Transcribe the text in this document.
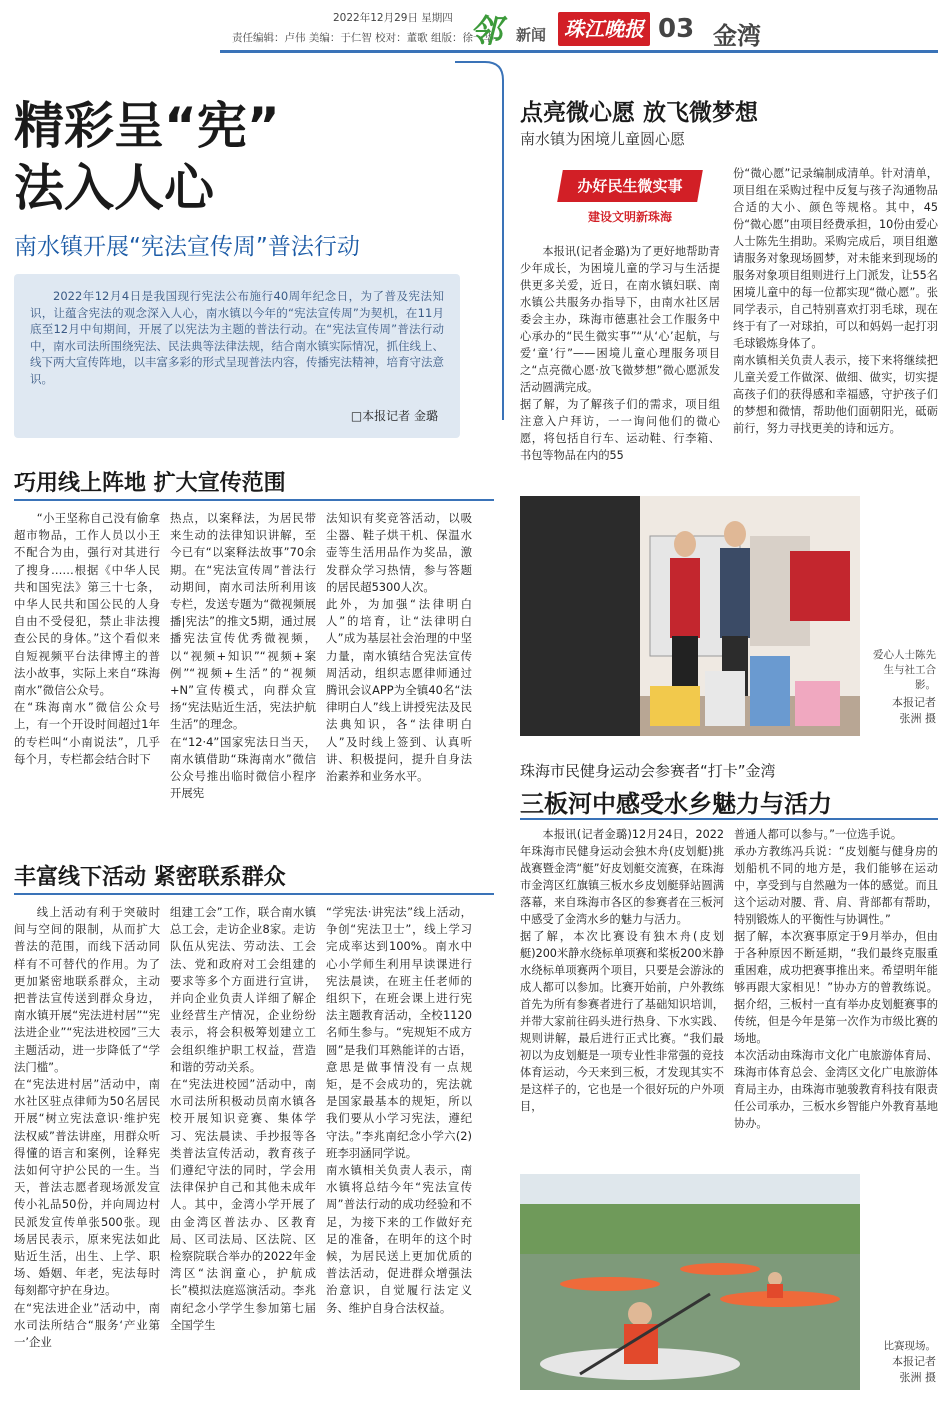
2022年12月29日 星期四
责任编辑：卢伟 美编：于仁智 校对：董歌 组版：徐一华
邻 新闻 珠江晚报 03 金湾
精彩呈“宪”
法入人心
南水镇开展“宪法宣传周”普法行动

2022年12月4日是我国现行宪法公布施行40周年纪念日，为了普及宪法知识，让蕴含宪法的观念深入人心，南水镇以今年的“宪法宣传周”为契机，在11月底至12月中旬期间，开展了以宪法为主题的普法行动。在“宪法宣传周”普法行动中，南水司法所围绕宪法、民法典等法律法规，结合南水镇实际情况，抓住线上、线下两大宣传阵地，以丰富多彩的形式呈现普法内容，传播宪法精神，培育守法意识。

□本报记者 金璐
巧用线上阵地 扩大宣传范围

“小王坚称自己没有偷拿超市物品，工作人员以小王不配合为由，强行对其进行了搜身……根据《中华人民共和国宪法》第三十七条，中华人民共和国公民的人身自由不受侵犯，禁止非法搜查公民的身体。”这个看似来自短视频平台法律博主的普法小故事，实际上来自“珠海南水”微信公众号。
在“珠海南水”微信公众号上，有一个开设时间超过1年的专栏叫“小南说法”，几乎每个月，专栏都会结合时下

热点，以案释法，为居民带来生动的法律知识讲解，至今已有“以案释法故事”70余期。在“宪法宣传周”普法行动期间，南水司法所利用该专栏，发送专题为“微视频展播|宪法”的推文5期，通过展播宪法宣传优秀微视频，以“视频+知识”“视频+案例”“视频+生活”的“视频+N”宣传模式，向群众宣扬“宪法贴近生活，宪法护航生活”的理念。
在“12·4”国家宪法日当天，南水镇借助“珠海南水”微信公众号推出临时微信小程序开展宪

法知识有奖竞答活动，以吸尘器、鞋子烘干机、保温水壶等生活用品作为奖品，激发群众学习热情，参与答题的居民超5300人次。
此外，为加强“法律明白人”的培育，让“法律明白人”成为基层社会治理的中坚力量，南水镇结合宪法宣传周活动，组织志愿律师通过腾讯会议APP为全镇40名“法律明白人”线上讲授宪法及民法典知识，各“法律明白人”及时线上签到、认真听讲、积极提问，提升自身法治素养和业务水平。

丰富线下活动 紧密联系群众

线上活动有利于突破时间与空间的限制，从而扩大普法的范围，而线下活动同样有不可替代的作用。为了更加紧密地联系群众，主动把普法宣传送到群众身边，南水镇开展“宪法进村居”“宪法进企业”“宪法进校园”三大主题活动，进一步降低了“学法门槛”。
在“宪法进村居”活动中，南水社区驻点律师为50名居民开展“树立宪法意识·维护宪法权威”普法讲座，用群众听得懂的语言和案例，诠释宪法如何守护公民的一生。当天，普法志愿者现场派发宣传小礼品50份，并向周边村民派发宣传单张500张。现场居民表示，原来宪法如此贴近生活，出生、上学、职场、婚姻、年老，宪法每时每刻都守护在身边。
在“宪法进企业”活动中，南水司法所结合“服务‘产业第一’企业

组建工会”工作，联合南水镇总工会，走访企业8家。走访队伍从宪法、劳动法、工会法、党和政府对工会组建的要求等多个方面进行宣讲，并向企业负责人详细了解企业经营生产情况，企业纷纷表示，将会积极筹划建立工会组织维护职工权益，营造和谐的劳动关系。
在“宪法进校园”活动中，南水司法所积极动员南水镇各校开展知识竞赛、集体学习、宪法晨读、手抄报等各类普法宣传活动，教育孩子们遵纪守法的同时，学会用法律保护自己和其他未成年人。其中，金湾小学开展了由金湾区普法办、区教育局、区司法局、区法院、区检察院联合举办的2022年金湾区“法润童心，护航成长”模拟法庭巡演活动。李兆南纪念小学学生参加第七届全国学生

“学宪法·讲宪法”线上活动，争创“宪法卫士”，线上学习完成率达到100%。南水中心小学师生利用早读课进行宪法晨读，在班主任老师的组织下，在班会课上进行宪法主题教育活动，全校1120名师生参与。“宪规矩不成方圆”是我们耳熟能详的古语，意思是做事情没有一点规矩，是不会成功的，宪法就是国家最基本的规矩，所以我们要从小学习宪法，遵纪守法。”李兆南纪念小学六(2)班李羽涵同学说。
南水镇相关负责人表示，南水镇将总结今年“宪法宣传周”普法行动的成功经验和不足，为接下来的工作做好充足的准备，在明年的这个时候，为居民送上更加优质的普法活动，促进群众增强法治意识，自觉履行法定义务、维护自身合法权益。

点亮微心愿 放飞微梦想
南水镇为困境儿童圆心愿
办好民生微实事
建设文明新珠海

本报讯(记者金璐)为了更好地帮助青少年成长，为困境儿童的学习与生活提供更多关爱，近日，在南水镇妇联、南水镇公共服务办指导下，由南水社区居委会主办，珠海市德惠社会工作服务中心承办的“民生微实事”“从‘心’起航，与爱‘童’行”——困境儿童心理服务项目之“点亮微心愿·放飞微梦想”微心愿派发活动圆满完成。
据了解，为了解孩子们的需求，项目组注意入户拜访，一一询问他们的微心愿，将包括自行车、运动鞋、行李箱、书包等物品在内的55

份“微心愿”记录编制成清单。针对清单，项目组在采购过程中反复与孩子沟通物品合适的大小、颜色等规格。其中，45份“微心愿”由项目经费承担，10份由爱心人士陈先生捐助。采购完成后，项目组邀请服务对象现场圆梦，对未能来到现场的服务对象项目组则进行上门派发，让55名困境儿童中的每一位都实现“微心愿”。张同学表示，自己特别喜欢打羽毛球，现在终于有了一对球拍，可以和妈妈一起打羽毛球锻炼身体了。
南水镇相关负责人表示，接下来将继续把儿童关爱工作做深、做细、做实，切实提高孩子们的获得感和幸福感，守护孩子们的梦想和微情，帮助他们面朝阳光，砥砺前行，努力寻找更美的诗和远方。

爱心人士陈先生与社工合影。
本报记者
张洲 摄
珠海市民健身运动会参赛者“打卡”金湾
三板河中感受水乡魅力与活力

本报讯(记者金璐)12月24日，2022年珠海市民健身运动会独木舟(皮划艇)挑战赛暨金湾“艇”好皮划艇交流赛，在珠海市金湾区红旗镇三板水乡皮划艇驿站圆满落幕，来自珠海市各区的参赛者在三板河中感受了金湾水乡的魅力与活力。
据了解，本次比赛设有独木舟(皮划艇)200米静水绕标单项赛和桨板200米静水绕标单项赛两个项目，只要是会游泳的成人都可以参加。比赛开始前，户外教练首先为所有参赛者进行了基础知识培训，并带大家前往码头进行热身、下水实践、规则讲解，最后进行正式比赛。“我们最初以为皮划艇是一项专业性非常强的竞技体育运动，今天来到三板，才发现其实不是这样子的，它也是一个很好玩的户外项目，

普通人都可以参与。”一位选手说。
承办方教练冯兵说：“皮划艇与健身房的划船机不同的地方是，我们能够在运动中，享受到与自然融为一体的感觉。而且这个运动对腰、背、肩、背部都有帮助，特别锻炼人的平衡性与协调性。”
据了解，本次赛事原定于9月举办，但由于各种原因不断延期，“我们最终克服重重困难，成功把赛事推出来。希望明年能够再跟大家相见！”协办方的曾教练说。据介绍，三板村一直有举办皮划艇赛事的传统，但是今年是第一次作为市级比赛的场地。
本次活动由珠海市文化广电旅游体育局、珠海市体育总会、金湾区文化广电旅游体育局主办，由珠海市驰骏教育科技有限责任公司承办，三板水乡智能户外教育基地协办。

比赛现场。
本报记者
张洲 摄
